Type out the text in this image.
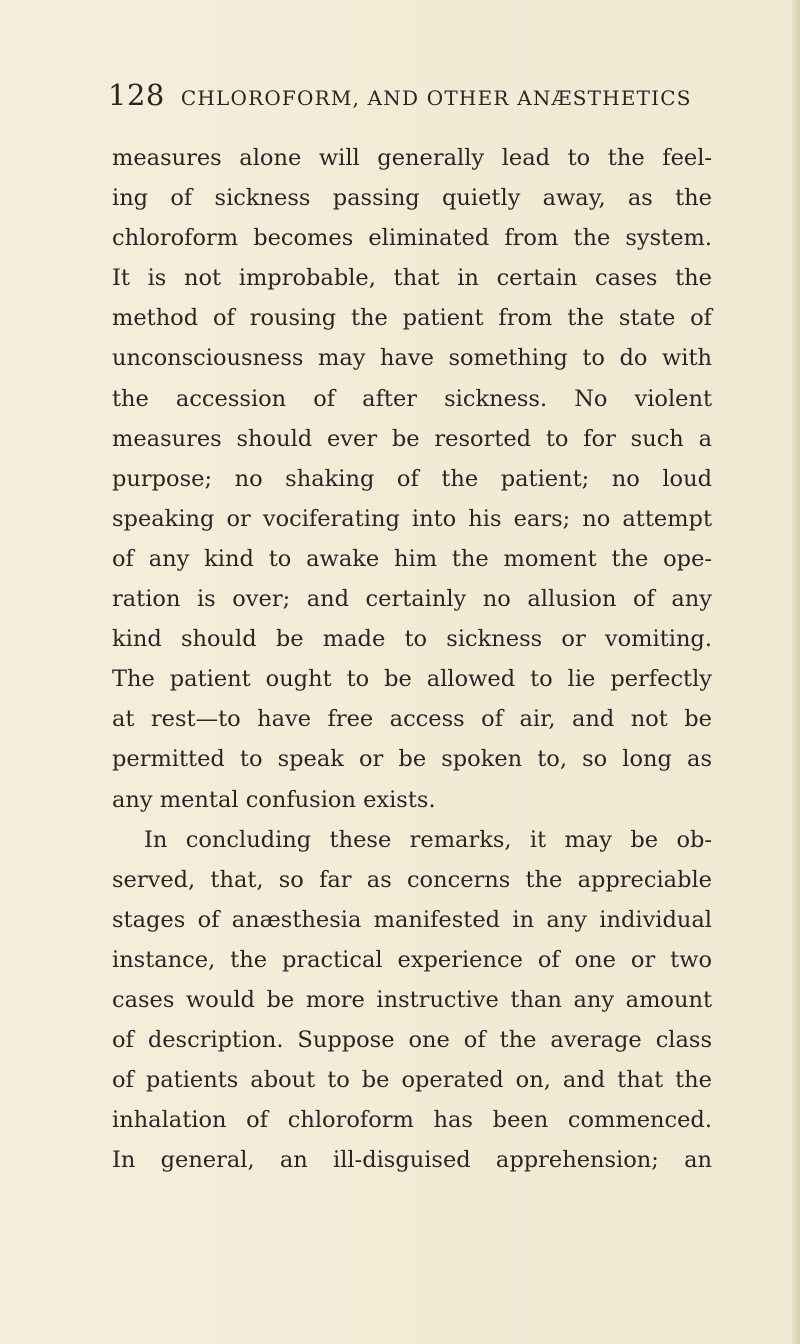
128 CHLOROFORM, AND OTHER ANÆSTHETICS
measures alone will generally lead to the feel-
ing of sickness passing quietly away, as the
chloroform becomes eliminated from the system.
It is not improbable, that in certain cases the
method of rousing the patient from the state of
unconsciousness may have something to do with
the accession of after sickness. No violent
measures should ever be resorted to for such a
purpose; no shaking of the patient; no loud
speaking or vociferating into his ears; no attempt
of any kind to awake him the moment the ope-
ration is over; and certainly no allusion of any
kind should be made to sickness or vomiting.
The patient ought to be allowed to lie perfectly
at rest—to have free access of air, and not be
permitted to speak or be spoken to, so long as
any mental confusion exists.
In concluding these remarks, it may be ob-
served, that, so far as concerns the appreciable
stages of anæsthesia manifested in any individual
instance, the practical experience of one or two
cases would be more instructive than any amount
of description. Suppose one of the average class
of patients about to be operated on, and that the
inhalation of chloroform has been commenced.
In general, an ill-disguised apprehension; an
